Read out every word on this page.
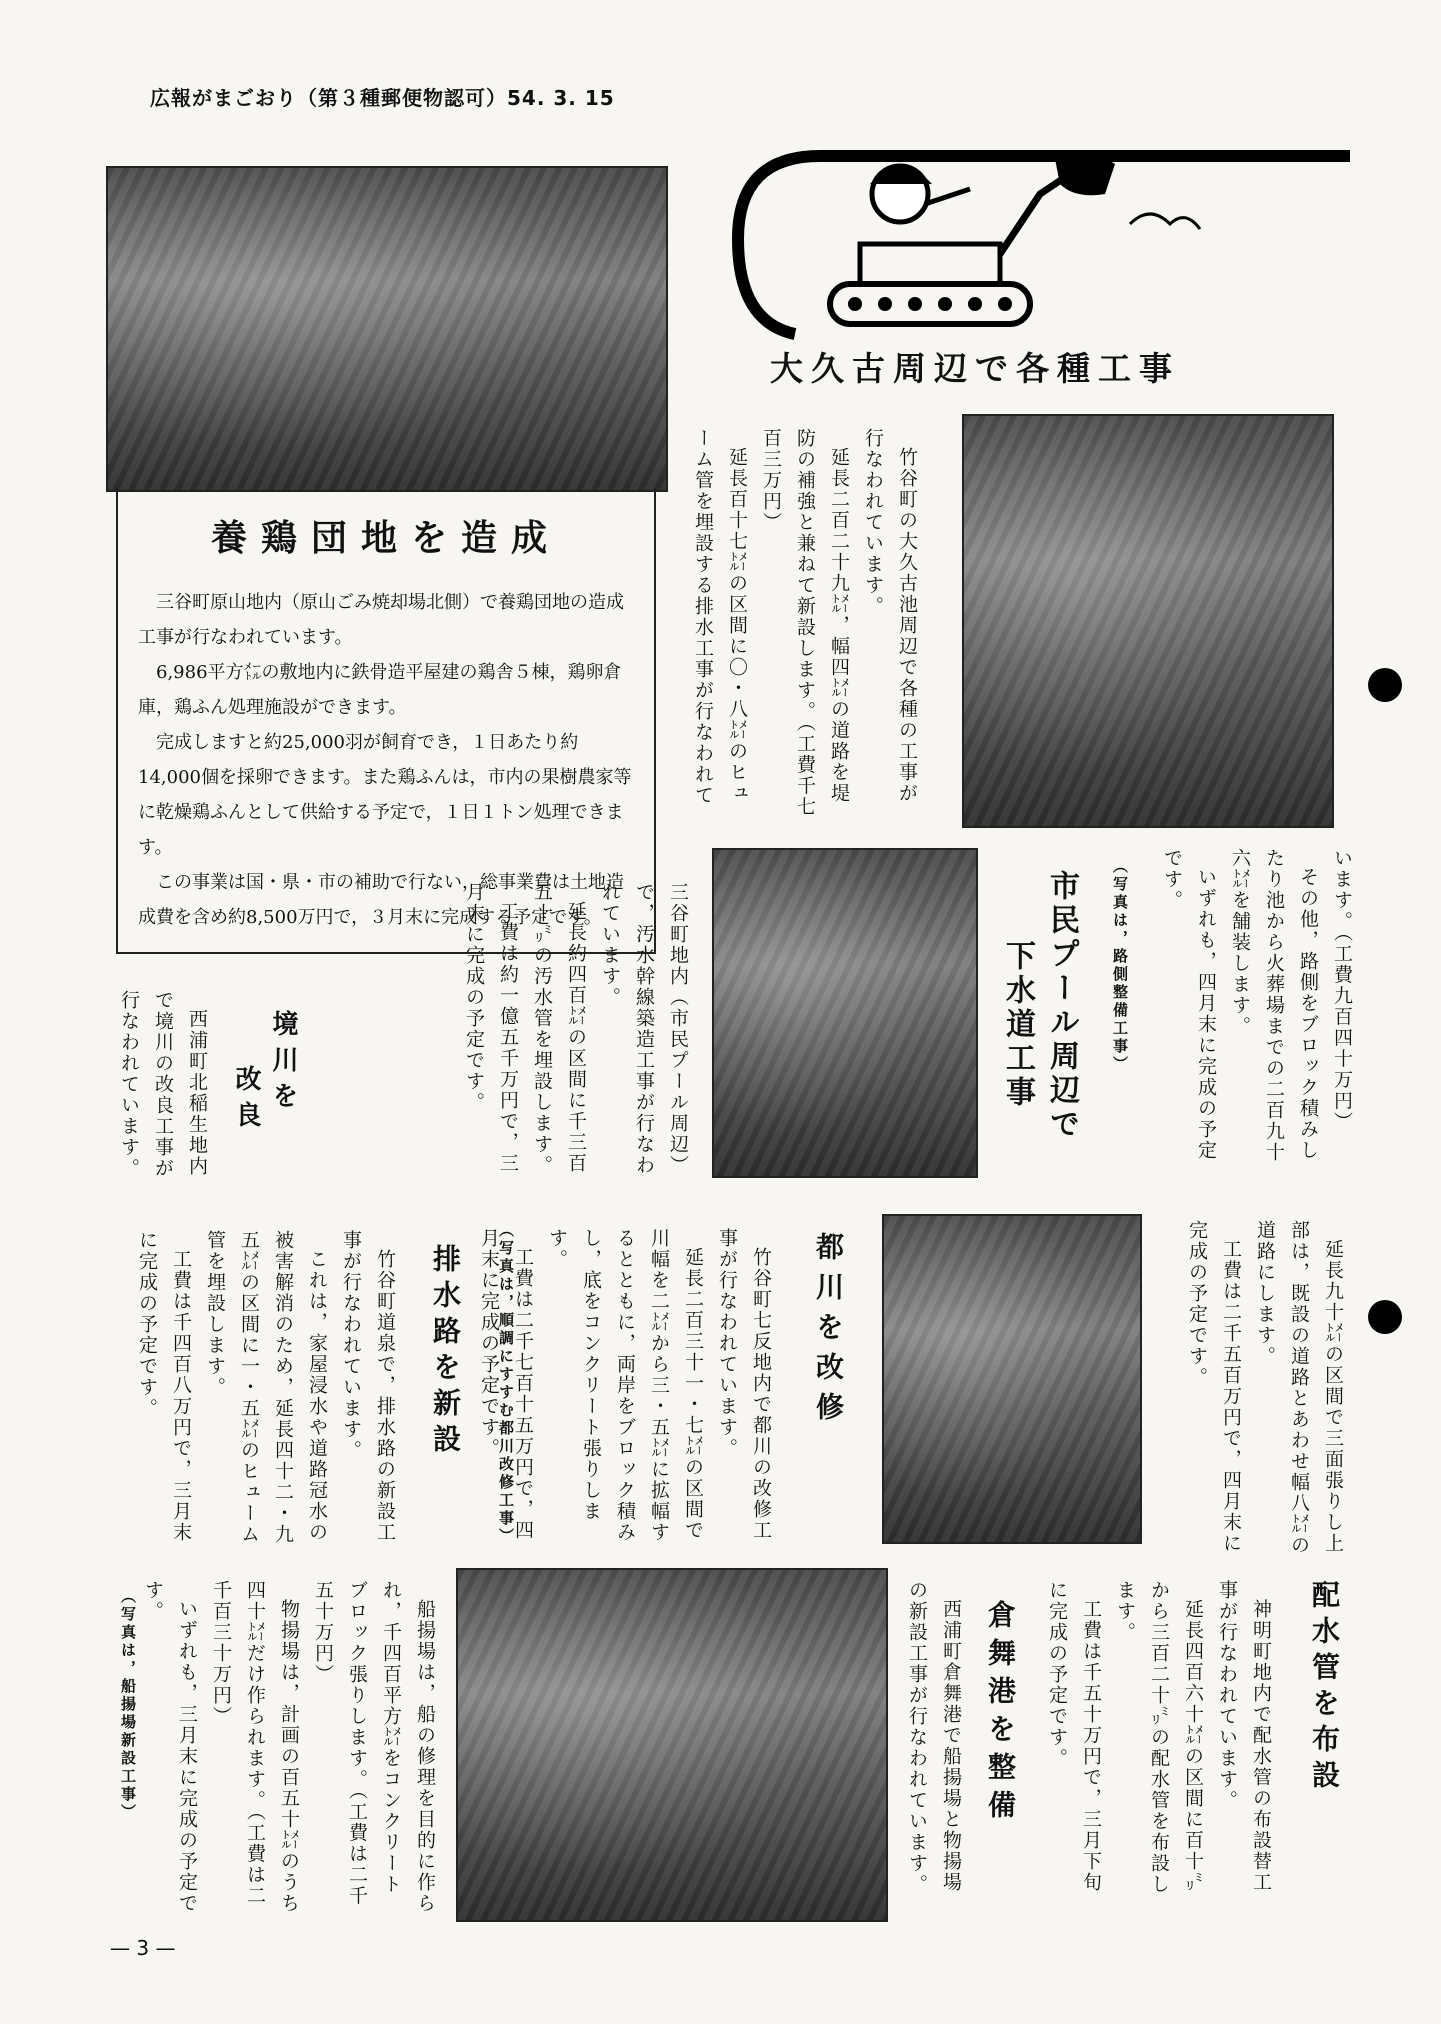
広報がまごおり（第３種郵便物認可）54. 3. 15
養鶏団地を造成

三谷町原山地内（原山ごみ焼却場北側）で養鶏団地の造成工事が行なわれています。

6,986平方㍍の敷地内に鉄骨造平屋建の鶏舎５棟，鶏卵倉庫，鶏ふん処理施設ができます。

完成しますと約25,000羽が飼育でき，１日あたり約14,000個を採卵できます。また鶏ふんは，市内の果樹農家等に乾燥鶏ふんとして供給する予定で，１日１トン処理できます。

この事業は国・県・市の補助で行ない，総事業費は土地造成費を含め約8,500万円で，３月末に完成する予定です。

大久古周辺で各種工事

竹谷町の大久古池周辺で各種の工事が行なわれています。

延長二百二十九㍍，幅四㍍の道路を堤防の補強と兼ねて新設します。（工費千七百三万円）

延長百十七㍍の区間に〇・八㍍のヒューム管を埋設する排水工事が行なわれて

います。（工費九百四十万円）

その他，路側をブロック積みしたり池から火葬場までの二百九十六㍍を舗装します。

いずれも，四月末に完成の予定です。

（写真は，路側整備工事）
市民プール周辺で
下水道工事

三谷町地内（市民プール周辺）で，汚水幹線築造工事が行なわれています。

延長約四百㍍の区間に千三百五十㍉の汚水管を埋設します。

工費は約一億五千万円で，三月末に完成の予定です。

境川を
改良

西浦町北稲生地内で境川の改良工事が行なわれています。

延長九十㍍の区間で三面張りし上部は，既設の道路とあわせ幅八㍍の道路にします。

工費は二千五百万円で，四月末に完成の予定です。

都川を改修

竹谷町七反地内で都川の改修工事が行なわれています。

延長二百三十一・七㍍の区間で川幅を二㍍から三・五㍍に拡幅するとともに，両岸をブロック積みし，底をコンクリート張りします。

工費は二千七百十五万円で，四月末に完成の予定です。

（写真は，順調にすすむ都川改修工事）
排水路を新設

竹谷町道泉で，排水路の新設工事が行なわれています。

これは，家屋浸水や道路冠水の被害解消のため，延長四十二・九五㍍の区間に一・五㍍のヒューム管を埋設します。

工費は千四百八万円で，三月末に完成の予定です。

配水管を布設

神明町地内で配水管の布設替工事が行なわれています。

延長四百六十㍍の区間に百十㍉から三百二十㍉の配水管を布設します。

工費は千五十万円で，三月下旬に完成の予定です。

倉舞港を整備

西浦町倉舞港で船揚場と物揚場の新設工事が行なわれています。

船揚場は，船の修理を目的に作られ，千四百平方㍍をコンクリートブロック張りします。（工費は二千五十万円）

物揚場は，計画の百五十㍍のうち四十㍍だけ作られます。（工費は二千百三十万円）

いずれも，三月末に完成の予定です。

（写真は，船揚場新設工事）
— 3 —
